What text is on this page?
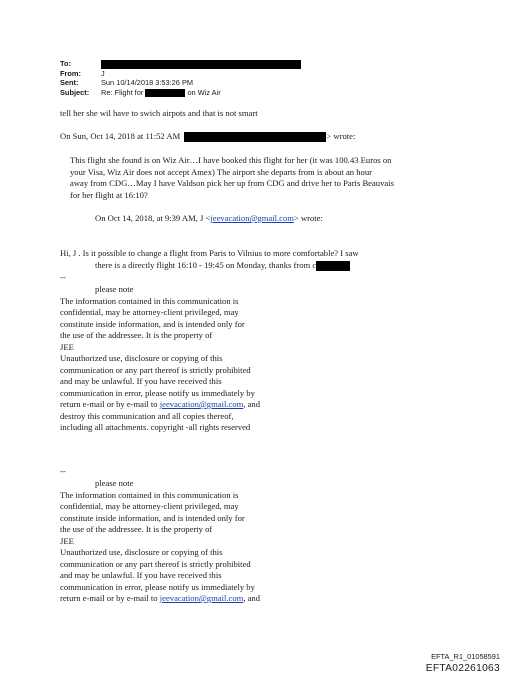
To:
From:	J
Sent:	Sun 10/14/2018 3:53:26 PM
Subject: Re: Flight for	on Wiz Air
tell her she wil have to swich airpots and that is not smart
On Sun, Oct 14, 2018 at 11:52 AM	> wrote:
This flight she found is on Wiz Air…I have booked this flight for her (it was 100.43 Euros on
your Visa, Wiz Air does not accept Amex) The airport she departs from is about an hour
away from CDG…May I have Valdson pick her up from CDG and drive her to Paris Beauvais
for her flight at 16:10?
On Oct 14, 2018, at 9:39 AM, J <jeevacation@gmail.com> wrote:
Hi, J . Is it possible to change a flight from Paris to Vilnius to more comfortable? I saw
there is a directly flight 16:10 - 19:45 on Monday, thanks from c
--
please note
The information contained in this communication is
confidential, may be attorney-client privileged, may
constitute inside information, and is intended only for
the use of the addressee. It is the property of
JEE
Unauthorized use, disclosure or copying of this
communication or any part thereof is strictly prohibited
and may be unlawful. If you have received this
communication in error, please notify us immediately by
return e-mail or by e-mail to jeevacation@gmail.com, and
destroy this communication and all copies thereof,
including all attachments. copyright -all rights reserved
--
please note
The information contained in this communication is
confidential, may be attorney-client privileged, may
constitute inside information, and is intended only for
the use of the addressee. It is the property of
JEE
Unauthorized use, disclosure or copying of this
communication or any part thereof is strictly prohibited
and may be unlawful. If you have received this
communication in error, please notify us immediately by
return e-mail or by e-mail to jeevacation@gmail.com, and
EFTA_R1_01058591
EFTA02261063
